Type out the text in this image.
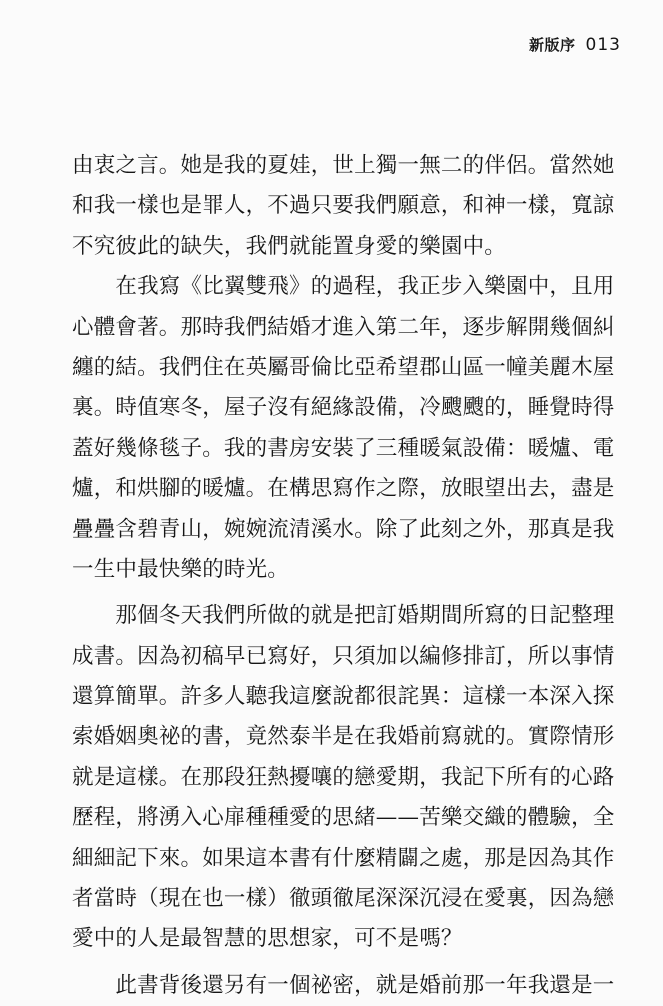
新版序 013
由衷之言。她是我的夏娃，世上獨一無二的伴侶。當然她
和我一樣也是罪人，不過只要我們願意，和神一樣，寬諒
不究彼此的缺失，我們就能置身愛的樂園中。
　　在我寫《比翼雙飛》的過程，我正步入樂園中，且用
心體會著。那時我們結婚才進入第二年，逐步解開幾個糾
纏的結。我們住在英屬哥倫比亞希望郡山區一幢美麗木屋
裏。時值寒冬，屋子沒有絕緣設備，冷颼颼的，睡覺時得
蓋好幾條毯子。我的書房安裝了三種暖氣設備：暖爐、電
爐，和烘腳的暖爐。在構思寫作之際，放眼望出去，盡是
疊疊含碧青山，婉婉流清溪水。除了此刻之外，那真是我
一生中最快樂的時光。
　　那個冬天我們所做的就是把訂婚期間所寫的日記整理
成書。因為初稿早已寫好，只須加以編修排訂，所以事情
還算簡單。許多人聽我這麼說都很詫異：這樣一本深入探
索婚姻奧祕的書，竟然泰半是在我婚前寫就的。實際情形
就是這樣。在那段狂熱擾嚷的戀愛期，我記下所有的心路
歷程，將湧入心扉種種愛的思緒——苦樂交織的體驗，全
細細記下來。如果這本書有什麼精闢之處，那是因為其作
者當時（現在也一樣）徹頭徹尾深深沉浸在愛裏，因為戀
愛中的人是最智慧的思想家，可不是嗎？
　　此書背後還另有一個祕密，就是婚前那一年我還是一
